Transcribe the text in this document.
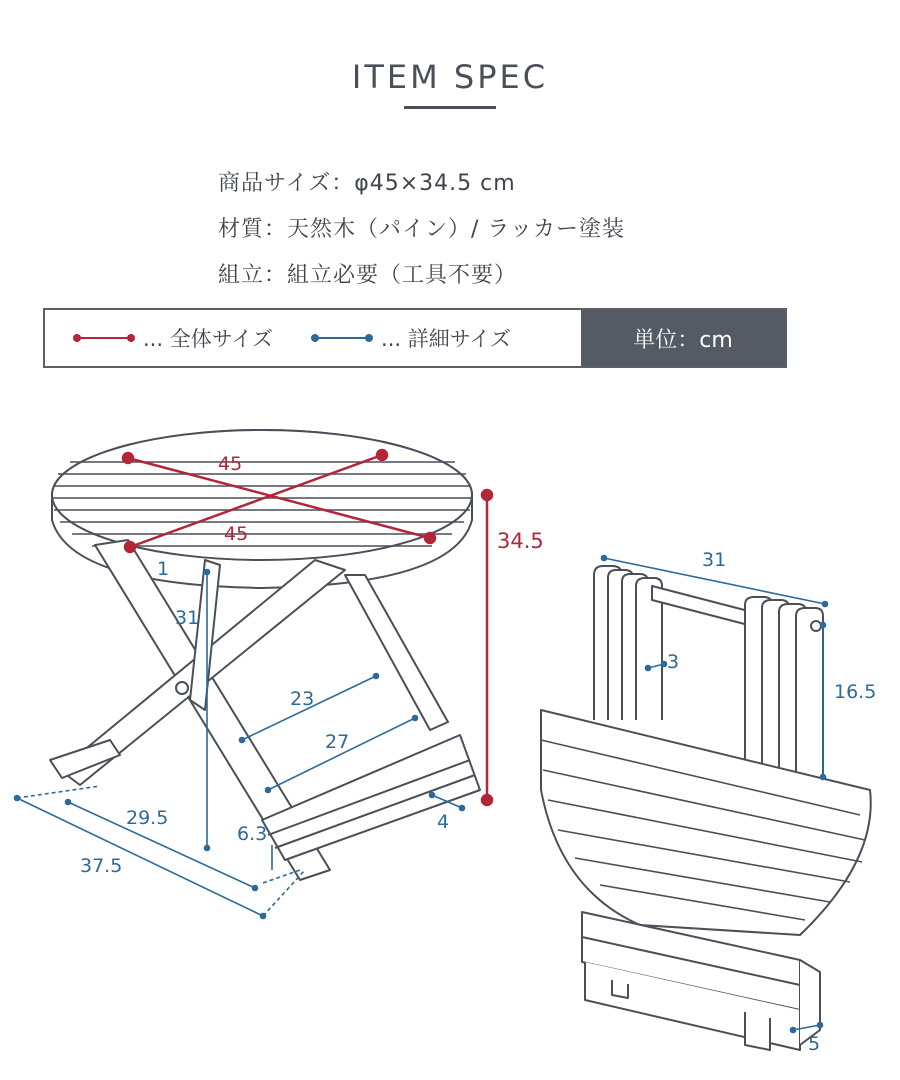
ITEM SPEC
商品サイズ：φ45×34.5 cm
材質：天然木（パイン）/ ラッカー塗装
組立：組立必要（工具不要）
... 全体サイズ	... 詳細サイズ	単位：cm
45
45	34.5
1
31
23
27
29.5
37.5
6.3
4
31
3
16.5
5
